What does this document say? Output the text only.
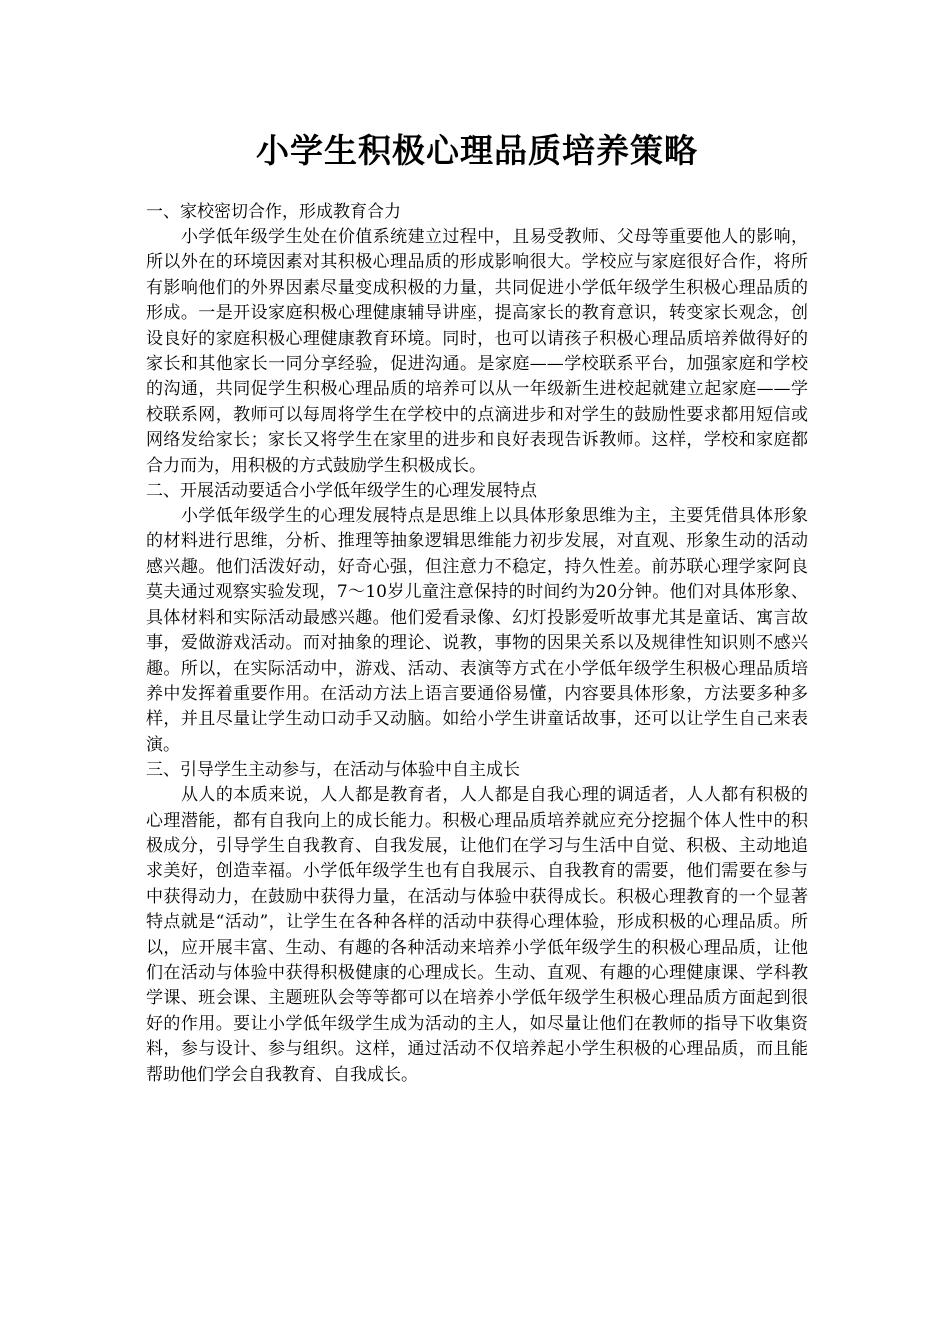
小学生积极心理品质培养策略

一、家校密切合作，形成教育合力

小学低年级学生处在价值系统建立过程中，且易受教师、父母等重要他人的影响，所以外在的环境因素对其积极心理品质的形成影响很大。学校应与家庭很好合作，将所有影响他们的外界因素尽量变成积极的力量，共同促进小学低年级学生积极心理品质的形成。一是开设家庭积极心理健康辅导讲座，提高家长的教育意识，转变家长观念，创设良好的家庭积极心理健康教育环境。同时，也可以请孩子积极心理品质培养做得好的家长和其他家长一同分享经验，促进沟通。是家庭——学校联系平台，加强家庭和学校的沟通，共同促学生积极心理品质的培养可以从一年级新生进校起就建立起家庭——学校联系网，教师可以每周将学生在学校中的点滴进步和对学生的鼓励性要求都用短信或网络发给家长；家长又将学生在家里的进步和良好表现告诉教师。这样，学校和家庭都合力而为，用积极的方式鼓励学生积极成长。

二、开展活动要适合小学低年级学生的心理发展特点

小学低年级学生的心理发展特点是思维上以具体形象思维为主，主要凭借具体形象的材料进行思维，分析、推理等抽象逻辑思维能力初步发展，对直观、形象生动的活动感兴趣。他们活泼好动，好奇心强，但注意力不稳定，持久性差。前苏联心理学家阿良莫夫通过观察实验发现，7～10岁儿童注意保持的时间约为20分钟。他们对具体形象、具体材料和实际活动最感兴趣。他们爱看录像、幻灯投影爱听故事尤其是童话、寓言故事，爱做游戏活动。而对抽象的理论、说教，事物的因果关系以及规律性知识则不感兴趣。所以，在实际活动中，游戏、活动、表演等方式在小学低年级学生积极心理品质培养中发挥着重要作用。在活动方法上语言要通俗易懂，内容要具体形象，方法要多种多样，并且尽量让学生动口动手又动脑。如给小学生讲童话故事，还可以让学生自己来表演。

三、引导学生主动参与，在活动与体验中自主成长

从人的本质来说，人人都是教育者，人人都是自我心理的调适者，人人都有积极的心理潜能，都有自我向上的成长能力。积极心理品质培养就应充分挖掘个体人性中的积极成分，引导学生自我教育、自我发展，让他们在学习与生活中自觉、积极、主动地追求美好，创造幸福。小学低年级学生也有自我展示、自我教育的需要，他们需要在参与中获得动力，在鼓励中获得力量，在活动与体验中获得成长。积极心理教育的一个显著特点就是“活动”，让学生在各种各样的活动中获得心理体验，形成积极的心理品质。所以，应开展丰富、生动、有趣的各种活动来培养小学低年级学生的积极心理品质，让他们在活动与体验中获得积极健康的心理成长。生动、直观、有趣的心理健康课、学科教学课、班会课、主题班队会等等都可以在培养小学低年级学生积极心理品质方面起到很好的作用。要让小学低年级学生成为活动的主人，如尽量让他们在教师的指导下收集资料，参与设计、参与组织。这样，通过活动不仅培养起小学生积极的心理品质，而且能帮助他们学会自我教育、自我成长。
